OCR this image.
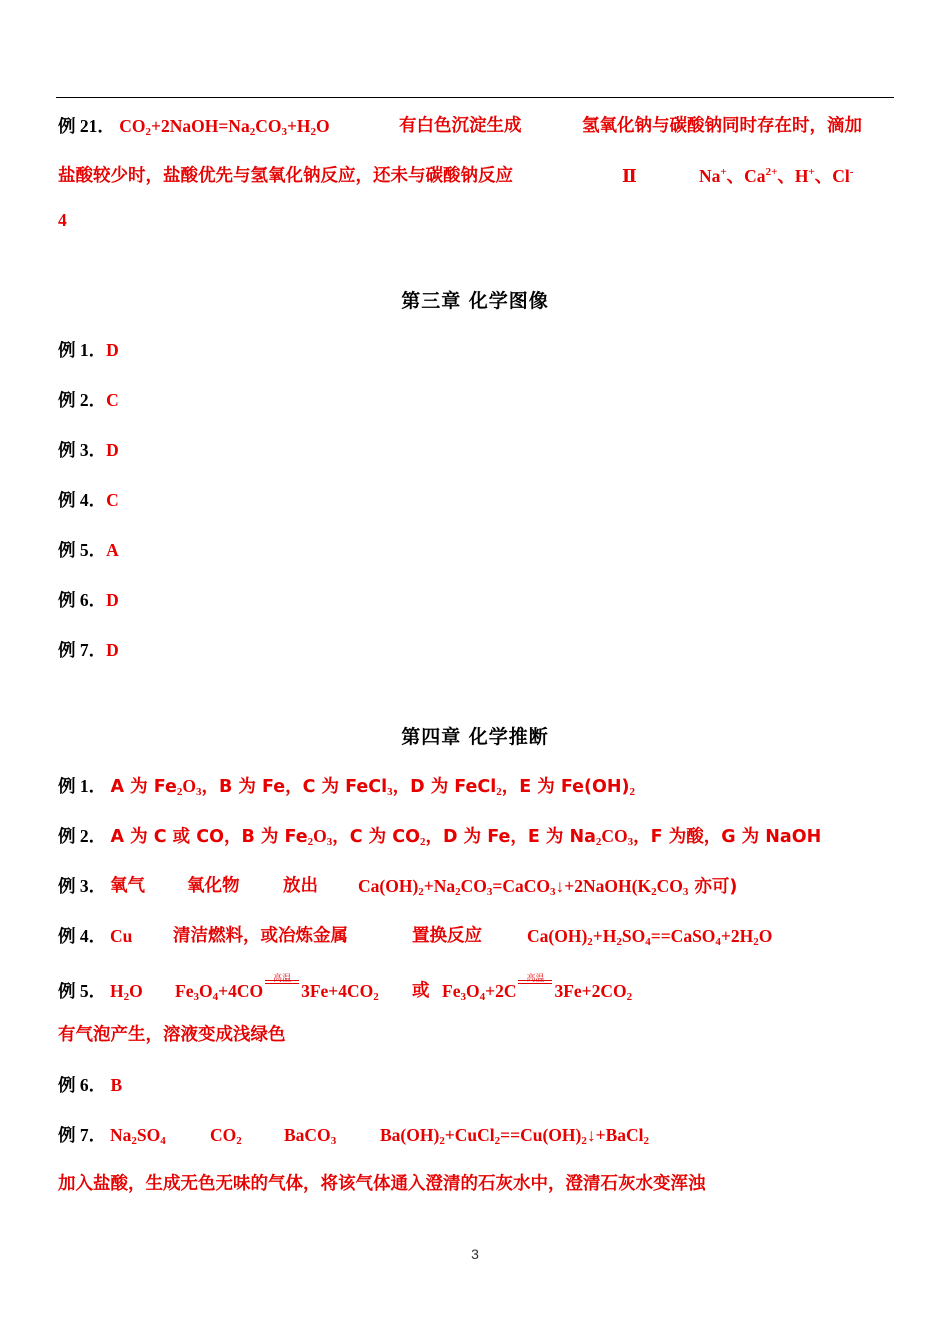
例 21． $CO_2+2NaOH=Na_2CO_3+H_2O$	有白色沉淀生成	氢氧化钠与碳酸钠同时存在时，滴加
盐酸较少时，盐酸优先与氢氧化钠反应，还未与碳酸钠反应	Ⅱ	Na+、$Ca^{2+}$、H+、Cl-
4
第三章 化学图像
例 1．D
例 2．C
例 3．D
例 4．C
例 5．A
例 6．D
例 7．D
第四章 化学推断
例 1． A 为 $Fe_2O_3$，B 为 Fe，C 为 FeCl$_3$，D 为 FeCl$_2$，E 为 $Fe(OH)_2$
例 2． A 为 C 或 CO，B 为 $Fe_2O_3$，C 为 $CO_2$，D 为 Fe，E 为 $Na_2CO_3$，F 为酸，G 为 NaOH
例 3． 氧气 氧化物 放出 $Ca(OH)_2+Na_2CO_3=CaCO_3↓+2NaOH(K_2CO_3$ 亦可)
例 4． Cu 清洁燃料，或冶炼金属	置换反应	$Ca(OH)_2+H_2SO_4==CaSO_4+2H_2O$
例 5． $H_2O$ $Fe_3O_4+4CO$
高温
$3Fe+4CO_2$ 或 $Fe_3O_4+2C$
高温
$3Fe+2CO_2$
有气泡产生，溶液变成浅绿色
例 6． B
例 7． $Na_2SO_4$	$CO_2$ BaCO$_3$	$Ba(OH)_2+CuCl_2==Cu(OH)_2↓+BaCl_2$
加入盐酸，生成无色无味的气体，将该气体通入澄清的石灰水中，澄清石灰水变浑浊
3
